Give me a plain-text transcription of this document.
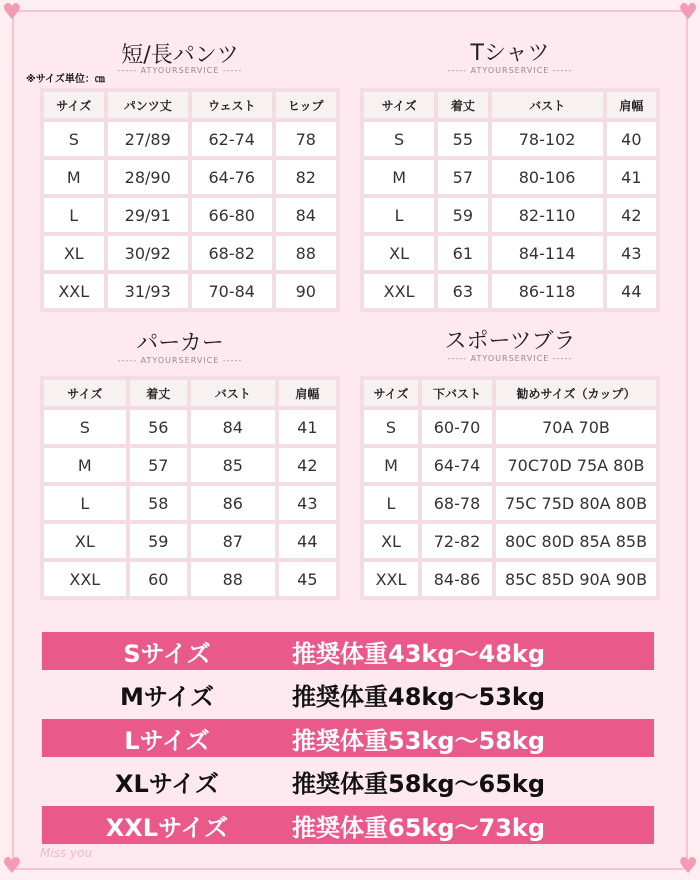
♥	♥
♥	♥
短/長パンツ
----- ATYOURSERVICE -----
※サイズ単位：㎝
サイズ	パンツ丈	ウェスト	ヒップ
S	27/89	62-74	78
M	28/90	64-76	82
L	29/91	66-80	84
XL	30/92	68-82	88
XXL	31/93	70-84	90
Tシャツ
----- ATYOURSERVICE -----
サイズ	着丈	バスト	肩幅
S	55	78-102	40
M	57	80-106	41
L	59	82-110	42
XL	61	84-114	43
XXL	63	86-118	44
パーカー
----- ATYOURSERVICE -----
サイズ	着丈	バスト	肩幅
S	56	84	41
M	57	85	42
L	58	86	43
XL	59	87	44
XXL	60	88	45
スポーツブラ
----- ATYOURSERVICE -----
サイズ	下バスト	勧めサイズ（カップ）
S	60-70	70A 70B
M	64-74	70C70D 75A 80B
L	68-78	75C 75D 80A 80B
XL	72-82	80C 80D 85A 85B
XXL	84-86	85C 85D 90A 90B
Sサイズ	推奨体重43kg～48kg
Mサイズ	推奨体重48kg～53kg
Lサイズ	推奨体重53kg～58kg
XLサイズ	推奨体重58kg～65kg
XXLサイズ	推奨体重65kg～73kg
Miss you
